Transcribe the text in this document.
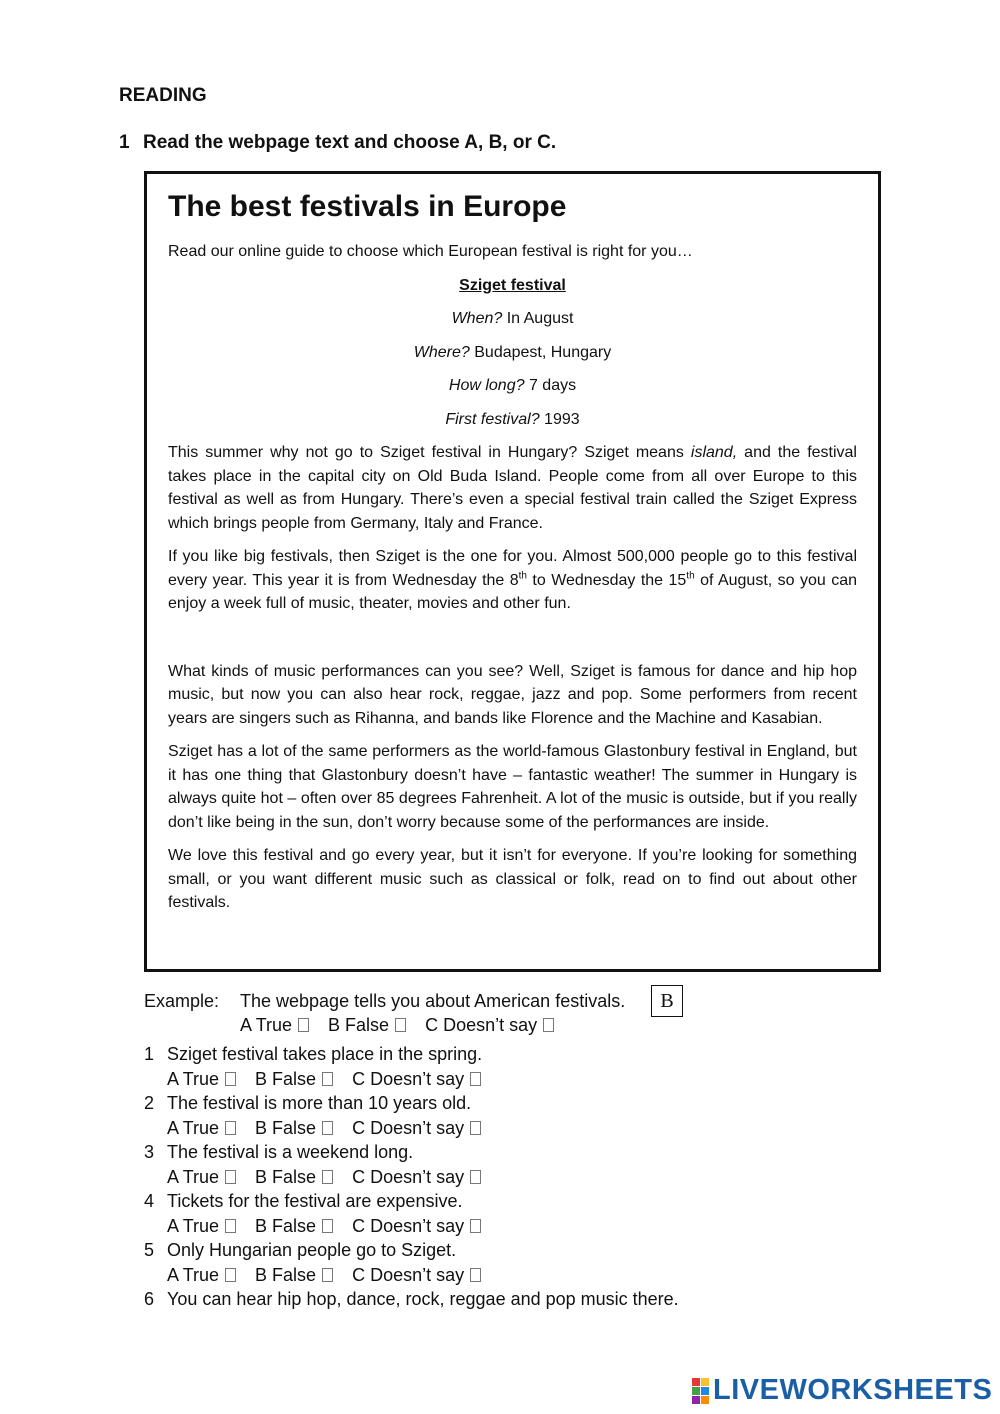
READING
1 Read the webpage text and choose A, B, or C.
The best festivals in Europe

Read our online guide to choose which European festival is right for you…

Sziget festival

When? In August

Where? Budapest, Hungary

How long? 7 days

First festival? 1993

This summer why not go to Sziget festival in Hungary? Sziget means island, and the festival takes place in the capital city on Old Buda Island. People come from all over Europe to this festival as well as from Hungary. There’s even a special festival train called the Sziget Express which brings people from Germany, Italy and France.

If you like big festivals, then Sziget is the one for you. Almost 500,000 people go to this festival every year. This year it is from Wednesday the 8th to Wednesday the 15th of August, so you can enjoy a week full of music, theater, movies and other fun.

What kinds of music performances can you see? Well, Sziget is famous for dance and hip hop music, but now you can also hear rock, reggae, jazz and pop. Some performers from recent years are singers such as Rihanna, and bands like Florence and the Machine and Kasabian.

Sziget has a lot of the same performers as the world-famous Glastonbury festival in England, but it has one thing that Glastonbury doesn’t have – fantastic weather! The summer in Hungary is always quite hot – often over 85 degrees Fahrenheit. A lot of the music is outside, but if you really don’t like being in the sun, don’t worry because some of the performances are inside.

We love this festival and go every year, but it isn’t for everyone. If you’re looking for something small, or you want different music such as classical or folk, read on to find out about other festivals.

Example:	The webpage tells you about American festivals.
A True B False C Doesn’t say
B
1 Sziget festival takes place in the spring.
A True B False C Doesn’t say
2 The festival is more than 10 years old.
A True B False C Doesn’t say
3 The festival is a weekend long.
A True B False C Doesn’t say
4 Tickets for the festival are expensive.
A True B False C Doesn’t say
5 Only Hungarian people go to Sziget.
A True B False C Doesn’t say
6 You can hear hip hop, dance, rock, reggae and pop music there.
LIVEWORKSHEETS
